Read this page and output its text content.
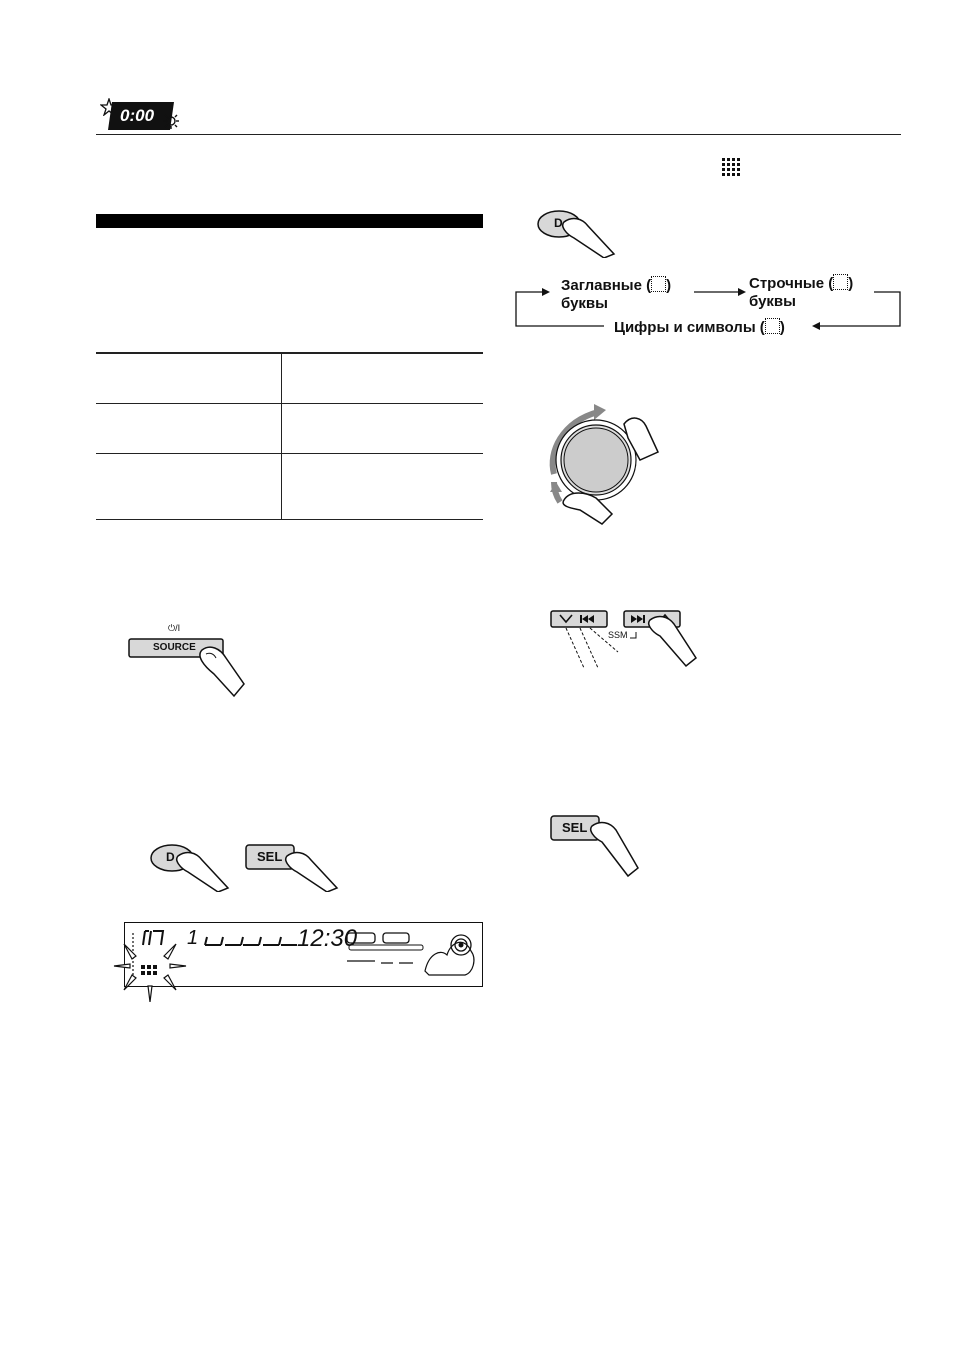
0:00
⏻/I
SOURCE
D	SEL
1	12:30
D
Заглавные ( )
буквы
Строчные ( )
буквы
Цифры и символы ( )
SSM
SEL
